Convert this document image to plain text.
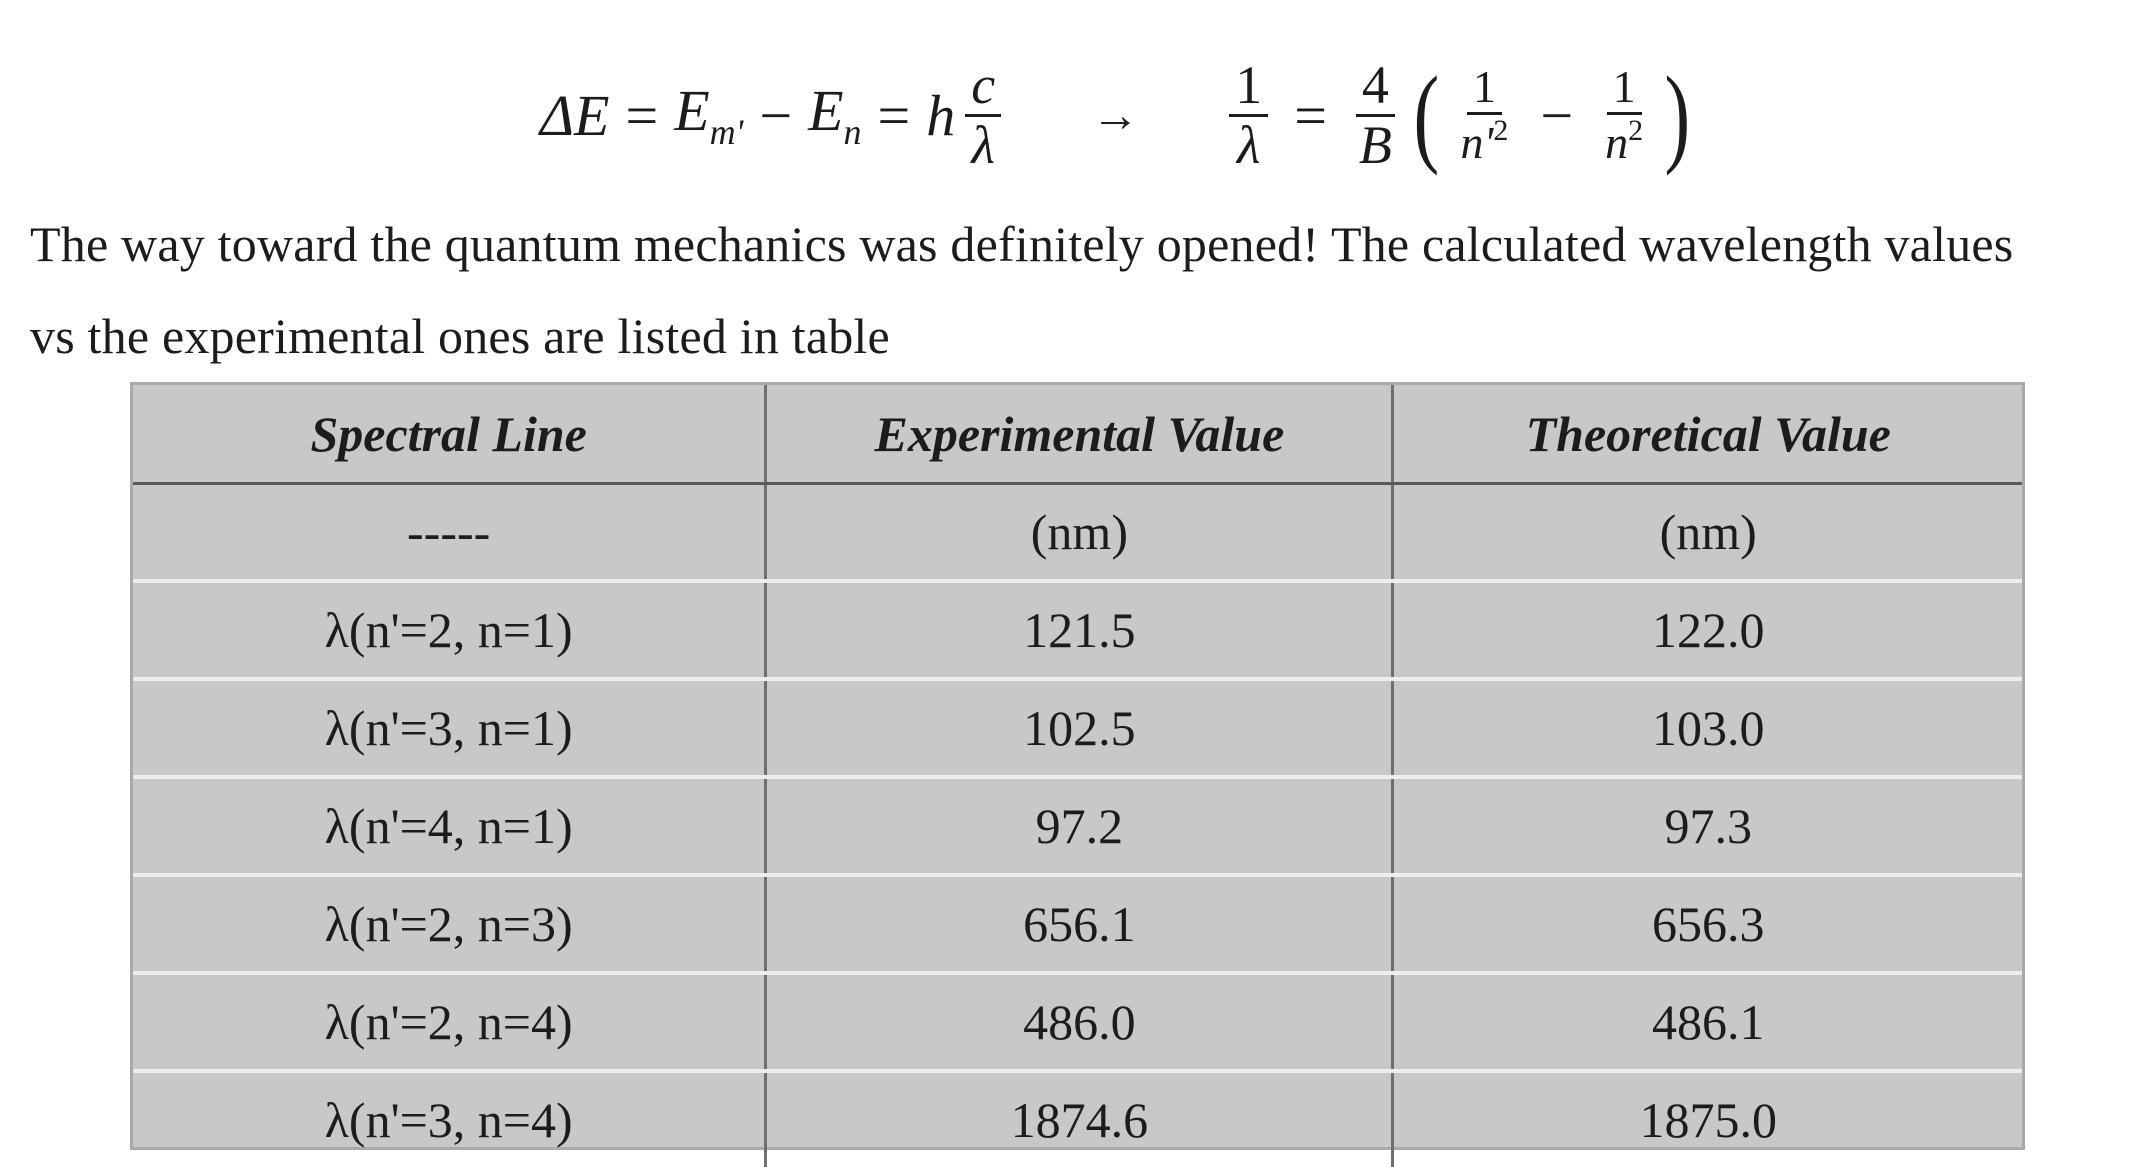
$\Delta E = E_{m'} - E_n = h \frac{c}{\lambda} \to \frac{1}{\lambda} = \frac{4}{B}$ ( $\frac{1}{n'^2} - \frac{1}{n^2}$ )
The way toward the quantum mechanics was definitely opened! The calculated wavelength values
vs the experimental ones are listed in table
Spectral Line	Experimental Value	Theoretical Value
-----	(nm)	(nm)
λ(n'=2, n=1)	121.5	122.0
λ(n'=3, n=1)	102.5	103.0
λ(n'=4, n=1)	97.2	97.3
λ(n'=2, n=3)	656.1	656.3
λ(n'=2, n=4)	486.0	486.1
λ(n'=3, n=4)	1874.6	1875.0
